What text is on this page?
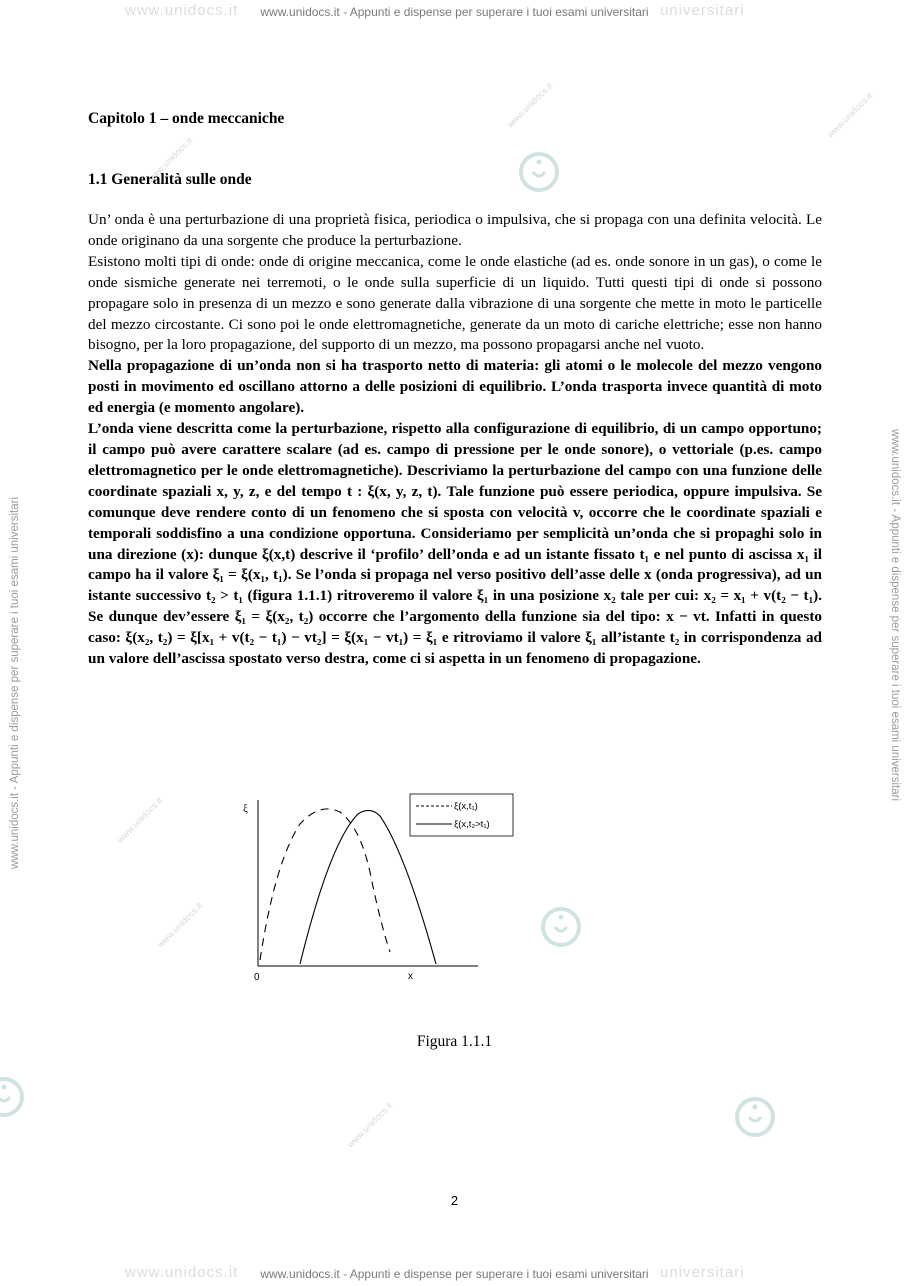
www.unidocs.it	universitari
www.unidocs.it - Appunti e dispense per superare i tuoi esami universitari
www.unidocs.it	universitari
www.unidocs.it - Appunti e dispense per superare i tuoi esami universitari
www.unidocs.it - Appunti e dispense per superare i tuoi esami universitari	www.unidocs.it - Appunti e dispense per superare i tuoi esami universitari
www.unidocs.it
www.unidocs.it	www.unidocs.it
www.unidocs.it
www.unidocs.it
www.unidocs.it
Capitolo 1 – onde meccaniche
1.1 Generalità sulle onde

Un’ onda è una perturbazione di una proprietà fisica, periodica o impulsiva, che si propaga con una definita velocità. Le onde originano da una sorgente che produce la perturbazione.

Esistono molti tipi di onde: onde di origine meccanica, come le onde elastiche (ad es. onde sonore in un gas), o come le onde sismiche generate nei terremoti, o le onde sulla superficie di un liquido. Tutti questi tipi di onde si possono propagare solo in presenza di un mezzo e sono generate dalla vibrazione di una sorgente che mette in moto le particelle del mezzo circostante. Ci sono poi le onde elettromagnetiche, generate da un moto di cariche elettriche; esse non hanno bisogno, per la loro propagazione, del supporto di un mezzo, ma possono propagarsi anche nel vuoto.

Nella propagazione di un’onda non si ha trasporto netto di materia: gli atomi o le molecole del mezzo vengono posti in movimento ed oscillano attorno a delle posizioni di equilibrio. L’onda trasporta invece quantità di moto ed energia (e momento angolare).

L’onda viene descritta come la perturbazione, rispetto alla configurazione di equilibrio, di un campo opportuno; il campo può avere carattere scalare (ad es. campo di pressione per le onde sonore), o vettoriale (p.es. campo elettromagnetico per le onde elettromagnetiche). Descriviamo la perturbazione del campo con una funzione delle coordinate spaziali x, y, z, e del tempo t : ξ(x, y, z, t). Tale funzione può essere periodica, oppure impulsiva. Se comunque deve rendere conto di un fenomeno che si sposta con velocità v, occorre che le coordinate spaziali e temporali soddisfino a una condizione opportuna. Consideriamo per semplicità un’onda che si propaghi solo in una direzione (x): dunque ξ(x,t) descrive il ‘profilo’ dell’onda e ad un istante fissato t₁ e nel punto di ascissa x₁ il campo ha il valore ξ₁ = ξ(x₁, t₁). Se l’onda si propaga nel verso positivo dell’asse delle x (onda progressiva), ad un istante successivo t₂ > t₁ (figura 1.1.1) ritroveremo il valore ξ₁ in una posizione x₂ tale per cui: x₂ = x₁ + v(t₂ − t₁). Se dunque dev’essere ξ₁ = ξ(x₂, t₂) occorre che l’argomento della funzione sia del tipo: x − vt. Infatti in questo caso: ξ(x₂, t₂) = ξ[x₁ + v(t₂ − t₁) − vt₂] = ξ(x₁ − vt₁) = ξ₁ e ritroviamo il valore ξ₁ all’istante t₂ in corrispondenza ad un valore dell’ascissa spostato verso destra, come ci si aspetta in un fenomeno di propagazione.

ξ
x
0
ξ(x,t₁)
ξ(x,t₂>t₁)
Figura 1.1.1
2
